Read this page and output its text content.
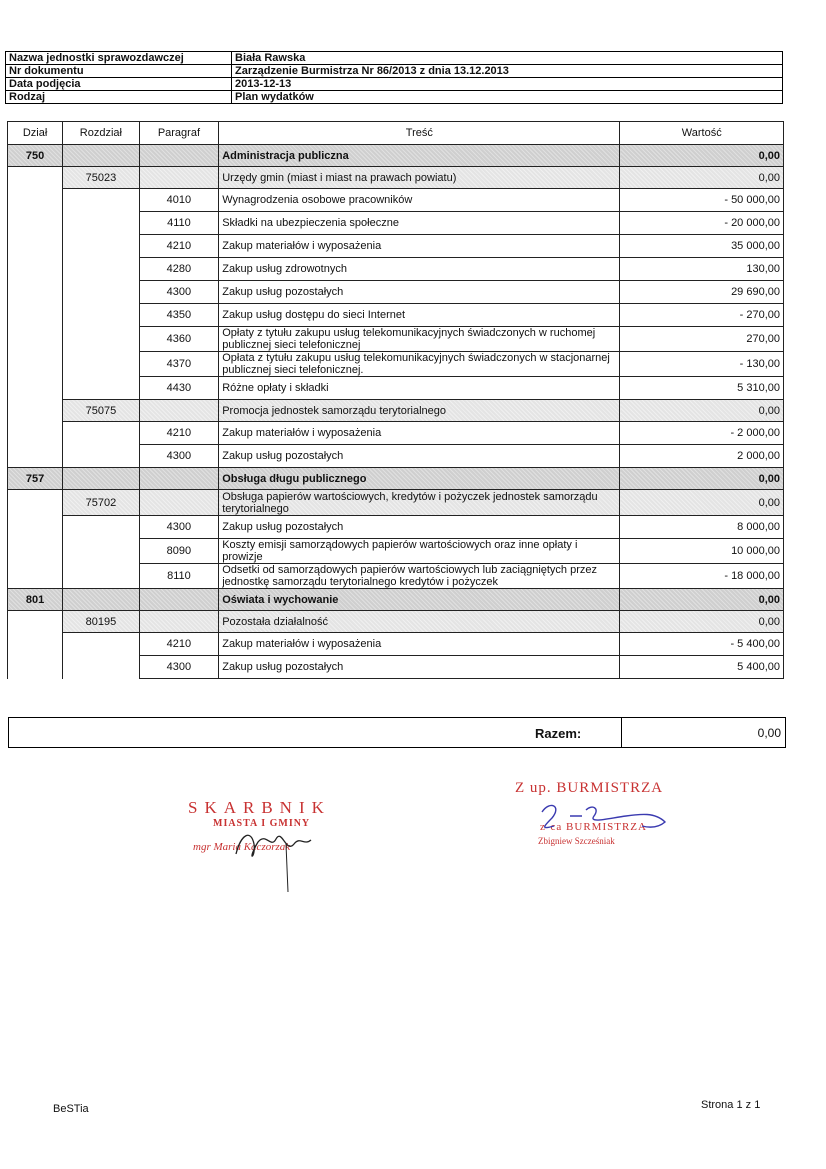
Nazwa jednostki sprawozdawczej	Biała Rawska
Nr dokumentu	Zarządzenie Burmistrza Nr 86/2013 z dnia 13.12.2013
Data podjęcia	2013-12-13
Rodzaj	Plan wydatków
Dział	Rozdział	Paragraf	Treść	Wartość
750			Administracja publiczna	0,00
	75023		Urzędy gmin (miast i miast na prawach powiatu)	0,00
		4010	Wynagrodzenia osobowe pracowników	- 50 000,00
		4110	Składki na ubezpieczenia społeczne	- 20 000,00
		4210	Zakup materiałów i wyposażenia	35 000,00
		4280	Zakup usług zdrowotnych	130,00
		4300	Zakup usług pozostałych	29 690,00
		4350	Zakup usług dostępu do sieci Internet	- 270,00
		4360	Opłaty z tytułu zakupu usług telekomunikacyjnych świadczonych w ruchomej publicznej sieci telefonicznej	270,00
		4370	Opłata z tytułu zakupu usług telekomunikacyjnych świadczonych w stacjonarnej publicznej sieci telefonicznej.	- 130,00
		4430	Różne opłaty i składki	5 310,00
	75075		Promocja jednostek samorządu terytorialnego	0,00
		4210	Zakup materiałów i wyposażenia	- 2 000,00
		4300	Zakup usług pozostałych	2 000,00
757			Obsługa długu publicznego	0,00
	75702		Obsługa papierów wartościowych, kredytów i pożyczek jednostek samorządu terytorialnego	0,00
		4300	Zakup usług pozostałych	8 000,00
		8090	Koszty emisji samorządowych papierów wartościowych oraz inne opłaty i prowizje	10 000,00
		8110	Odsetki od samorządowych papierów wartościowych lub zaciągniętych przez jednostkę samorządu terytorialnego kredytów i pożyczek	- 18 000,00
801			Oświata i wychowanie	0,00
	80195		Pozostała działalność	0,00
		4210	Zakup materiałów i wyposażenia	- 5 400,00
		4300	Zakup usług pozostałych	5 400,00
Razem:	0,00
SKARBNIK
MIASTA I GMINY
mgr Maria Kaczorzak
Z up. BURMISTRZA
z-ca BURMISTRZA
Zbigniew Szcześniak
BeSTia	Strona 1 z 1
